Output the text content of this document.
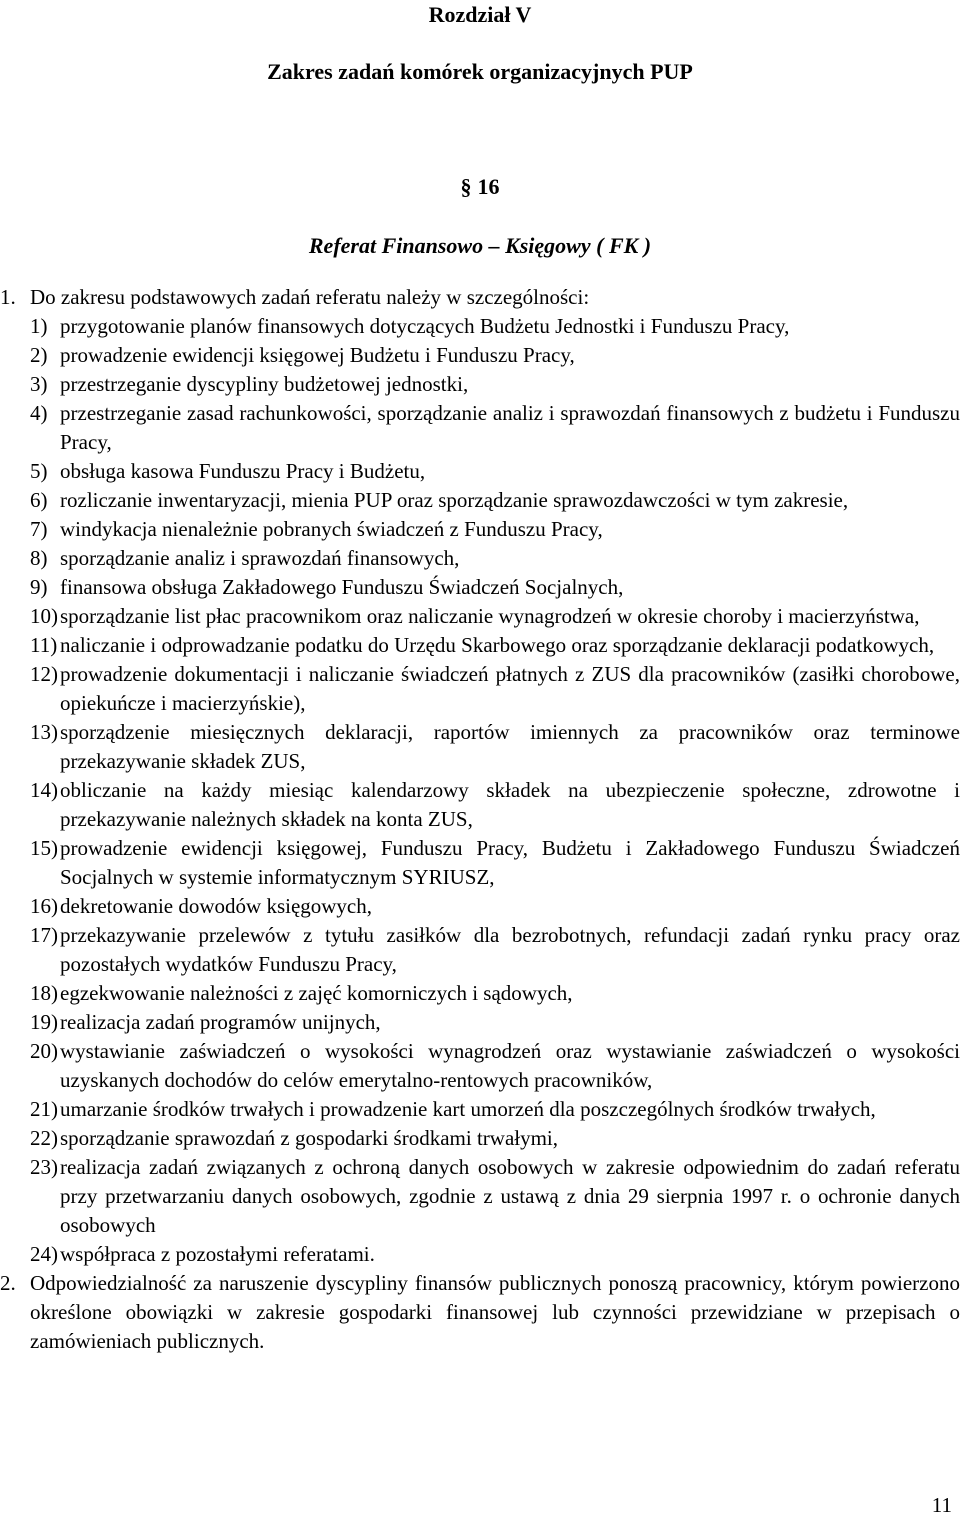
Rozdział V
Zakres zadań komórek organizacyjnych PUP
§ 16
Referat Finansowo – Księgowy ( FK )
1. Do zakresu podstawowych zadań referatu należy w szczególności:
1) przygotowanie planów finansowych dotyczących Budżetu Jednostki i Funduszu Pracy,
2) prowadzenie ewidencji księgowej Budżetu i Funduszu Pracy,
3) przestrzeganie dyscypliny budżetowej jednostki,
4) przestrzeganie zasad rachunkowości, sporządzanie analiz i sprawozdań finansowych z budżetu i Funduszu Pracy,
5) obsługa kasowa Funduszu Pracy i Budżetu,
6) rozliczanie inwentaryzacji, mienia PUP oraz sporządzanie sprawozdawczości w tym zakresie,
7) windykacja nienależnie pobranych świadczeń z Funduszu Pracy,
8) sporządzanie analiz i sprawozdań finansowych,
9) finansowa obsługa Zakładowego Funduszu Świadczeń Socjalnych,
10) sporządzanie list płac pracownikom oraz naliczanie wynagrodzeń w okresie choroby i macierzyństwa,
11) naliczanie i odprowadzanie podatku do Urzędu Skarbowego oraz sporządzanie deklaracji podatkowych,
12) prowadzenie dokumentacji i naliczanie świadczeń płatnych z ZUS dla pracowników (zasiłki chorobowe, opiekuńcze i macierzyńskie),
13) sporządzenie miesięcznych deklaracji, raportów imiennych za pracowników oraz terminowe przekazywanie składek ZUS,
14) obliczanie na każdy miesiąc kalendarzowy składek na ubezpieczenie społeczne, zdrowotne i przekazywanie należnych składek na konta ZUS,
15) prowadzenie ewidencji księgowej, Funduszu Pracy, Budżetu i Zakładowego Funduszu Świadczeń Socjalnych w systemie informatycznym SYRIUSZ,
16) dekretowanie dowodów księgowych,
17) przekazywanie przelewów z tytułu zasiłków dla bezrobotnych, refundacji zadań rynku pracy oraz pozostałych wydatków Funduszu Pracy,
18) egzekwowanie należności z zajęć komorniczych i sądowych,
19) realizacja zadań programów unijnych,
20) wystawianie zaświadczeń o wysokości wynagrodzeń oraz wystawianie zaświadczeń o wysokości uzyskanych dochodów do celów emerytalno-rentowych pracowników,
21) umarzanie środków trwałych i prowadzenie kart umorzeń dla poszczególnych środków trwałych,
22) sporządzanie sprawozdań z gospodarki środkami trwałymi,
23) realizacja zadań związanych z ochroną danych osobowych w zakresie odpowiednim do zadań referatu przy przetwarzaniu danych osobowych, zgodnie z ustawą z dnia 29 sierpnia 1997 r. o ochronie danych osobowych
24) współpraca z pozostałymi referatami.
2. Odpowiedzialność za naruszenie dyscypliny finansów publicznych ponoszą pracownicy, którym powierzono określone obowiązki w zakresie gospodarki finansowej lub czynności przewidziane w przepisach o zamówieniach publicznych.
11
